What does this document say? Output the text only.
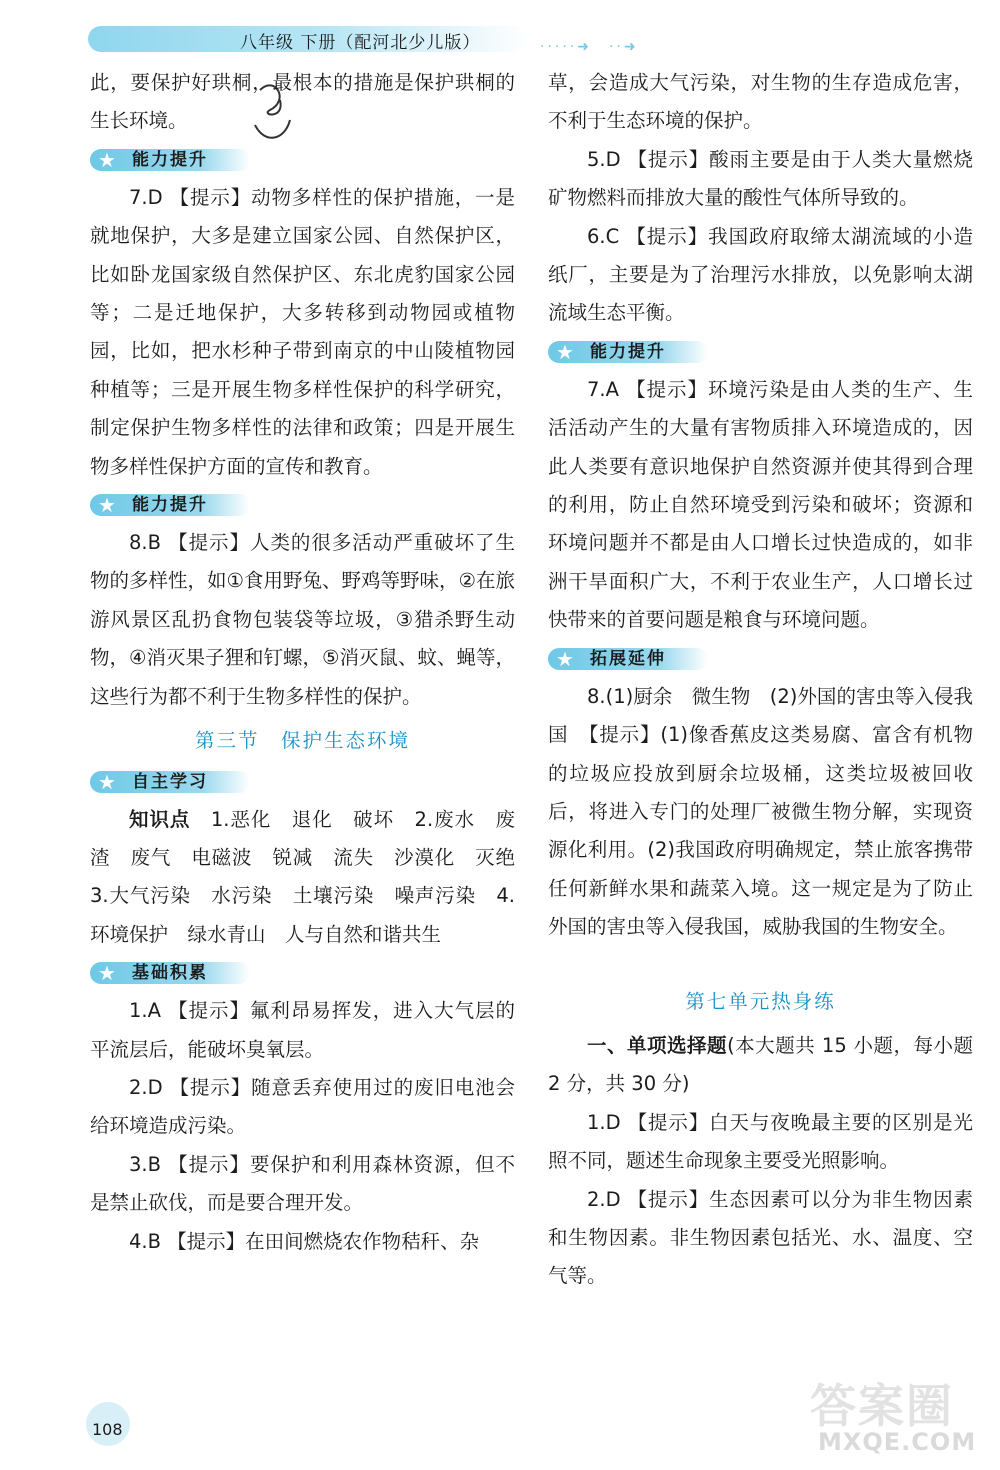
八年级 下册（配河北少儿版）	·····➜　··➜

此，要保护好珙桐，最根本的措施是保护珙桐的生长环境。

★ 能力提升

7.D 【提示】动物多样性的保护措施，一是就地保护，大多是建立国家公园、自然保护区，比如卧龙国家级自然保护区、东北虎豹国家公园等；二是迁地保护，大多转移到动物园或植物园，比如，把水杉种子带到南京的中山陵植物园种植等；三是开展生物多样性保护的科学研究，制定保护生物多样性的法律和政策；四是开展生物多样性保护方面的宣传和教育。

★ 能力提升

8.B 【提示】人类的很多活动严重破坏了生物的多样性，如①食用野兔、野鸡等野味，②在旅游风景区乱扔食物包装袋等垃圾，③猎杀野生动物，④消灭果子狸和钉螺，⑤消灭鼠、蚊、蝇等，这些行为都不利于生物多样性的保护。

第三节　保护生态环境
★ 自主学习

知识点　 1.恶化　退化　破坏　2.废水　废渣　废气　电磁波　锐减　流失　沙漠化　灭绝　3.大气污染　水污染　土壤污染　噪声污染　4.环境保护　绿水青山　人与自然和谐共生

★ 基础积累

1.A 【提示】氟利昂易挥发，进入大气层的平流层后，能破坏臭氧层。

2.D 【提示】随意丢弃使用过的废旧电池会给环境造成污染。

3.B 【提示】要保护和利用森林资源，但不是禁止砍伐，而是要合理开发。

4.B 【提示】在田间燃烧农作物秸秆、杂

草，会造成大气污染，对生物的生存造成危害，不利于生态环境的保护。

5.D 【提示】酸雨主要是由于人类大量燃烧矿物燃料而排放大量的酸性气体所导致的。

6.C 【提示】我国政府取缔太湖流域的小造纸厂，主要是为了治理污水排放，以免影响太湖流域生态平衡。

★ 能力提升

7.A 【提示】环境污染是由人类的生产、生活活动产生的大量有害物质排入环境造成的，因此人类要有意识地保护自然资源并使其得到合理的利用，防止自然环境受到污染和破坏；资源和环境问题并不都是由人口增长过快造成的，如非洲干旱面积广大，不利于农业生产，人口增长过快带来的首要问题是粮食与环境问题。

★ 拓展延伸

8.(1)厨余　微生物　(2)外国的害虫等入侵我国　【提示】(1)像香蕉皮这类易腐、富含有机物的垃圾应投放到厨余垃圾桶，这类垃圾被回收后，将进入专门的处理厂被微生物分解，实现资源化利用。(2)我国政府明确规定，禁止旅客携带任何新鲜水果和蔬菜入境。这一规定是为了防止外国的害虫等入侵我国，威胁我国的生物安全。

第七单元热身练

一、单项选择题(本大题共 15 小题，每小题 2 分，共 30 分)

1.D 【提示】白天与夜晚最主要的区别是光照不同，题述生命现象主要受光照影响。

2.D 【提示】生态因素可以分为非生物因素和生物因素。非生物因素包括光、水、温度、空气等。

108	答案圈
MXQE.COM
